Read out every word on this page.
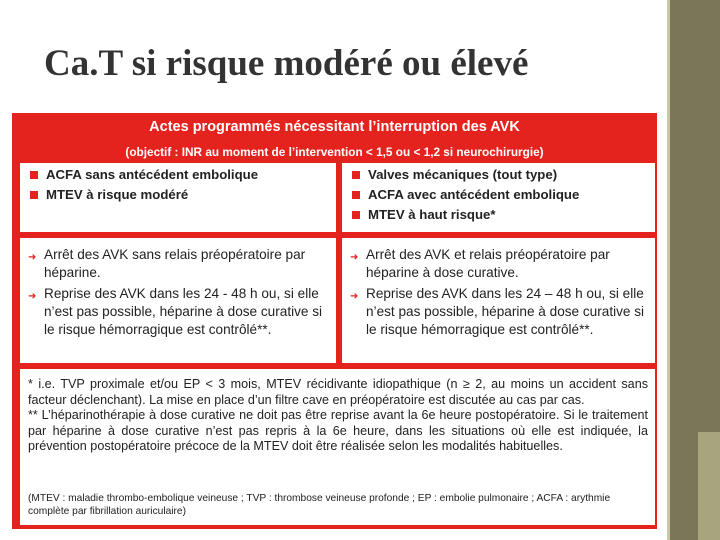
Ca.T si risque modéré ou élevé
Actes programmés nécessitant l’interruption des AVK
(objectif : INR au moment de l’intervention < 1,5 ou < 1,2 si neurochirurgie)
ACFA sans antécédent embolique
MTEV à risque modéré
Valves mécaniques (tout type)
ACFA avec antécédent embolique
MTEV à haut risque*
➜ Arrêt des AVK sans relais préopératoire par héparine.
➜ Reprise des AVK dans les 24 - 48 h ou, si elle n’est pas possible, héparine à dose curative si le risque hémorragique est contrôlé**.
➜ Arrêt des AVK et relais préopératoire par héparine à dose curative.
➜ Reprise des AVK dans les 24 – 48 h ou, si elle n’est pas possible, héparine à dose curative si le risque hémorragique est contrôlé**.
* i.e. TVP proximale et/ou EP < 3 mois, MTEV récidivante idiopathique (n ≥ 2, au moins un accident sans facteur déclenchant). La mise en place d’un filtre cave en préopératoire est discutée au cas par cas.
** L’héparinothérapie à dose curative ne doit pas être reprise avant la 6e heure postopératoire. Si le traitement par héparine à dose curative n’est pas repris à la 6e heure, dans les situations où elle est indiquée, la prévention postopératoire précoce de la MTEV doit être réalisée selon les modalités habituelles.
(MTEV : maladie thrombo-embolique veineuse ; TVP : thrombose veineuse profonde ; EP : embolie pulmonaire ; ACFA : arythmie complète par fibrillation auriculaire)
